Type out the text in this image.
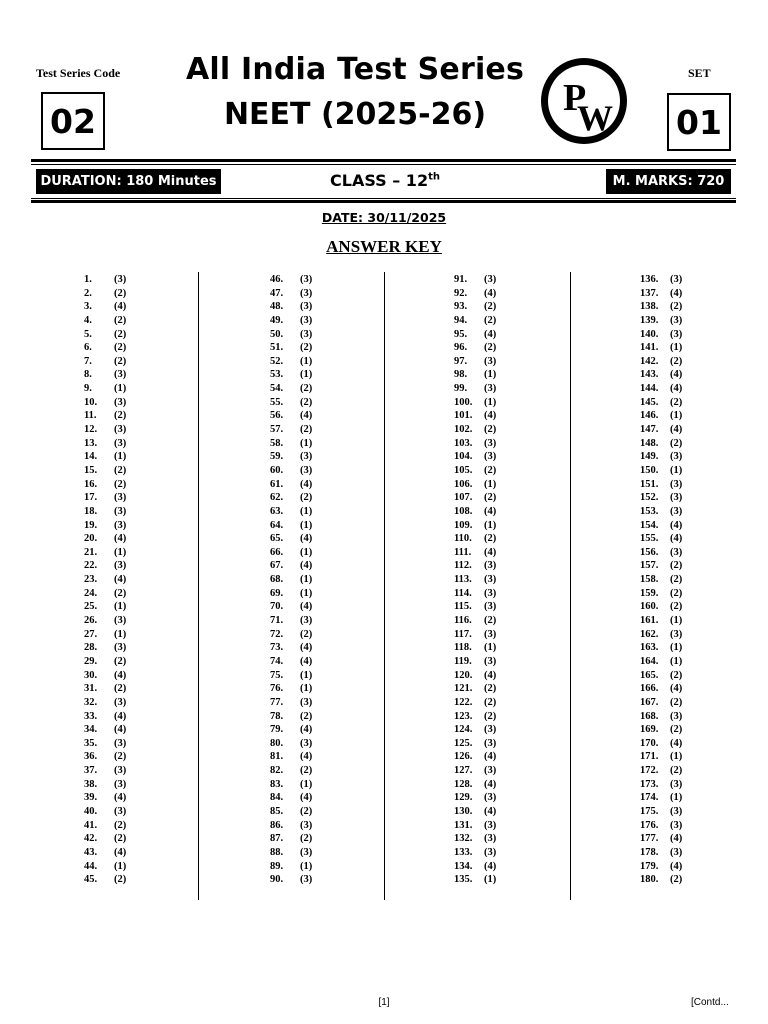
Test Series Code
02
All India Test Series
NEET (2025-26)	P
W
SET
01
DURATION: 180 Minutes	CLASS – 12th	M. MARKS: 720
DATE: 30/11/2025
ANSWER KEY
1.	(3)
2.	(2)
3.	(4)
4.	(2)
5.	(2)
6.	(2)
7.	(2)
8.	(3)
9.	(1)
10.	(3)
11.	(2)
12.	(3)
13.	(3)
14.	(1)
15.	(2)
16.	(2)
17.	(3)
18.	(3)
19.	(3)
20.	(4)
21.	(1)
22.	(3)
23.	(4)
24.	(2)
25.	(1)
26.	(3)
27.	(1)
28.	(3)
29.	(2)
30.	(4)
31.	(2)
32.	(3)
33.	(4)
34.	(4)
35.	(3)
36.	(2)
37.	(3)
38.	(3)
39.	(4)
40.	(3)
41.	(2)
42.	(2)
43.	(4)
44.	(1)
45.	(2)
46.	(3)
47.	(3)
48.	(3)
49.	(3)
50.	(3)
51.	(2)
52.	(1)
53.	(1)
54.	(2)
55.	(2)
56.	(4)
57.	(2)
58.	(1)
59.	(3)
60.	(3)
61.	(4)
62.	(2)
63.	(1)
64.	(1)
65.	(4)
66.	(1)
67.	(4)
68.	(1)
69.	(1)
70.	(4)
71.	(3)
72.	(2)
73.	(4)
74.	(4)
75.	(1)
76.	(1)
77.	(3)
78.	(2)
79.	(4)
80.	(3)
81.	(4)
82.	(2)
83.	(1)
84.	(4)
85.	(2)
86.	(3)
87.	(2)
88.	(3)
89.	(1)
90.	(3)
91.	(3)
92.	(4)
93.	(2)
94.	(2)
95.	(4)
96.	(2)
97.	(3)
98.	(1)
99.	(3)
100.	(1)
101.	(4)
102.	(2)
103.	(3)
104.	(3)
105.	(2)
106.	(1)
107.	(2)
108.	(4)
109.	(1)
110.	(2)
111.	(4)
112.	(3)
113.	(3)
114.	(3)
115.	(3)
116.	(2)
117.	(3)
118.	(1)
119.	(3)
120.	(4)
121.	(2)
122.	(2)
123.	(2)
124.	(3)
125.	(3)
126.	(4)
127.	(3)
128.	(4)
129.	(3)
130.	(4)
131.	(3)
132.	(3)
133.	(3)
134.	(4)
135.	(1)
136.	(3)
137.	(4)
138.	(2)
139.	(3)
140.	(3)
141.	(1)
142.	(2)
143.	(4)
144.	(4)
145.	(2)
146.	(1)
147.	(4)
148.	(2)
149.	(3)
150.	(1)
151.	(3)
152.	(3)
153.	(3)
154.	(4)
155.	(4)
156.	(3)
157.	(2)
158.	(2)
159.	(2)
160.	(2)
161.	(1)
162.	(3)
163.	(1)
164.	(1)
165.	(2)
166.	(4)
167.	(2)
168.	(3)
169.	(2)
170.	(4)
171.	(1)
172.	(2)
173.	(3)
174.	(1)
175.	(3)
176.	(3)
177.	(4)
178.	(3)
179.	(4)
180.	(2)
[1]	[Contd...
